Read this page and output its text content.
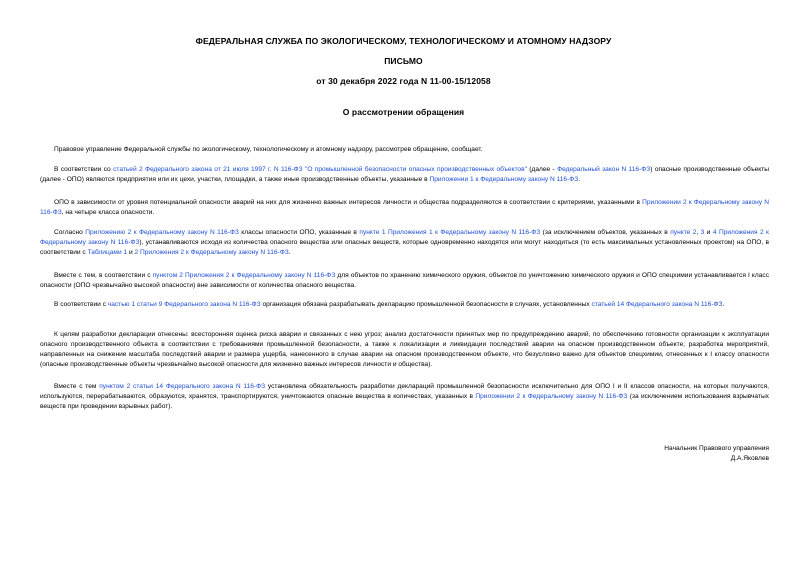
ФЕДЕРАЛЬНАЯ СЛУЖБА ПО ЭКОЛОГИЧЕСКОМУ, ТЕХНОЛОГИЧЕСКОМУ И АТОМНОМУ НАДЗОРУ
ПИСЬМО
от 30 декабря 2022 года N 11-00-15/12058
О рассмотрении обращения
Правовое управление Федеральной службы по экологическому, технологическому и атомному надзору, рассмотрев обращение, сообщает.
В соответствии со статьей 2 Федерального закона от 21 июля 1997 г. N 116-ФЗ "О промышленной безопасности опасных производственных объектов" (далее - Федеральный закон N 116-ФЗ) опасные производственные объекты (далее - ОПО) являются предприятия или их цехи, участки, площадки, а также иные производственные объекты, указанные в Приложении 1 к Федеральному закону N 116-ФЗ.
ОПО в зависимости от уровня потенциальной опасности аварий на них для жизненно важных интересов личности и общества подразделяются в соответствии с критериями, указанными в Приложении 2 к Федеральному закону N 116-ФЗ, на четыре класса опасности.
Согласно Приложению 2 к Федеральному закону N 116-ФЗ классы опасности ОПО, указанные в пункте 1 Приложения 1 к Федеральному закону N 116-ФЗ (за исключением объектов, указанных в пункте 2, 3 и 4 Приложения 2 к Федеральному закону N 116-ФЗ), устанавливаются исходя из количества опасного вещества или опасных веществ, которые одновременно находятся или могут находиться (то есть максимальных установленных проектом) на ОПО, в соответствии с Таблицами 1 и 2 Приложения 2 к Федеральному закону N 116-ФЗ.
Вместе с тем, в соответствии с пунктом 2 Приложения 2 к Федеральному закону N 116-ФЗ для объектов по хранению химического оружия, объектов по уничтожению химического оружия и ОПО спецхимии устанавливается I класс опасности (ОПО чрезвычайно высокой опасности) вне зависимости от количества опасного вещества.
В соответствии с частью 1 статьи 9 Федерального закона N 116-ФЗ организация обязана разрабатывать декларацию промышленной безопасности в случаях, установленных статьей 14 Федерального закона N 116-ФЗ.
К целям разработки декларации отнесены: всесторонняя оценка риска аварии и связанных с нею угроз; анализ достаточности принятых мер по предупреждению аварий, по обеспечению готовности организации к эксплуатации опасного производственного объекта в соответствии с требованиями промышленной безопасности, а также к локализации и ликвидации последствий аварии на опасном производственном объекте; разработка мероприятий, направленных на снижение масштаба последствий аварии и размера ущерба, нанесенного в случае аварии на опасном производственном объекте, что безусловно важно для объектов спецхимии, отнесенных к I классу опасности (опасные производственные объекты чрезвычайно высокой опасности для жизненно важных интересов личности и общества).
Вместе с тем пунктом 2 статьи 14 Федерального закона N 116-ФЗ установлена обязательность разработки деклараций промышленной безопасности исключительно для ОПО I и II классов опасности, на которых получаются, используются, перерабатываются, образуются, хранятся, транспортируются, уничтожаются опасные вещества в количествах, указанных в Приложении 2 к Федеральному закону N 116-ФЗ (за исключением использования взрывчатых веществ при проведении взрывных работ).
Начальник Правового управления
Д.А.Яковлев
